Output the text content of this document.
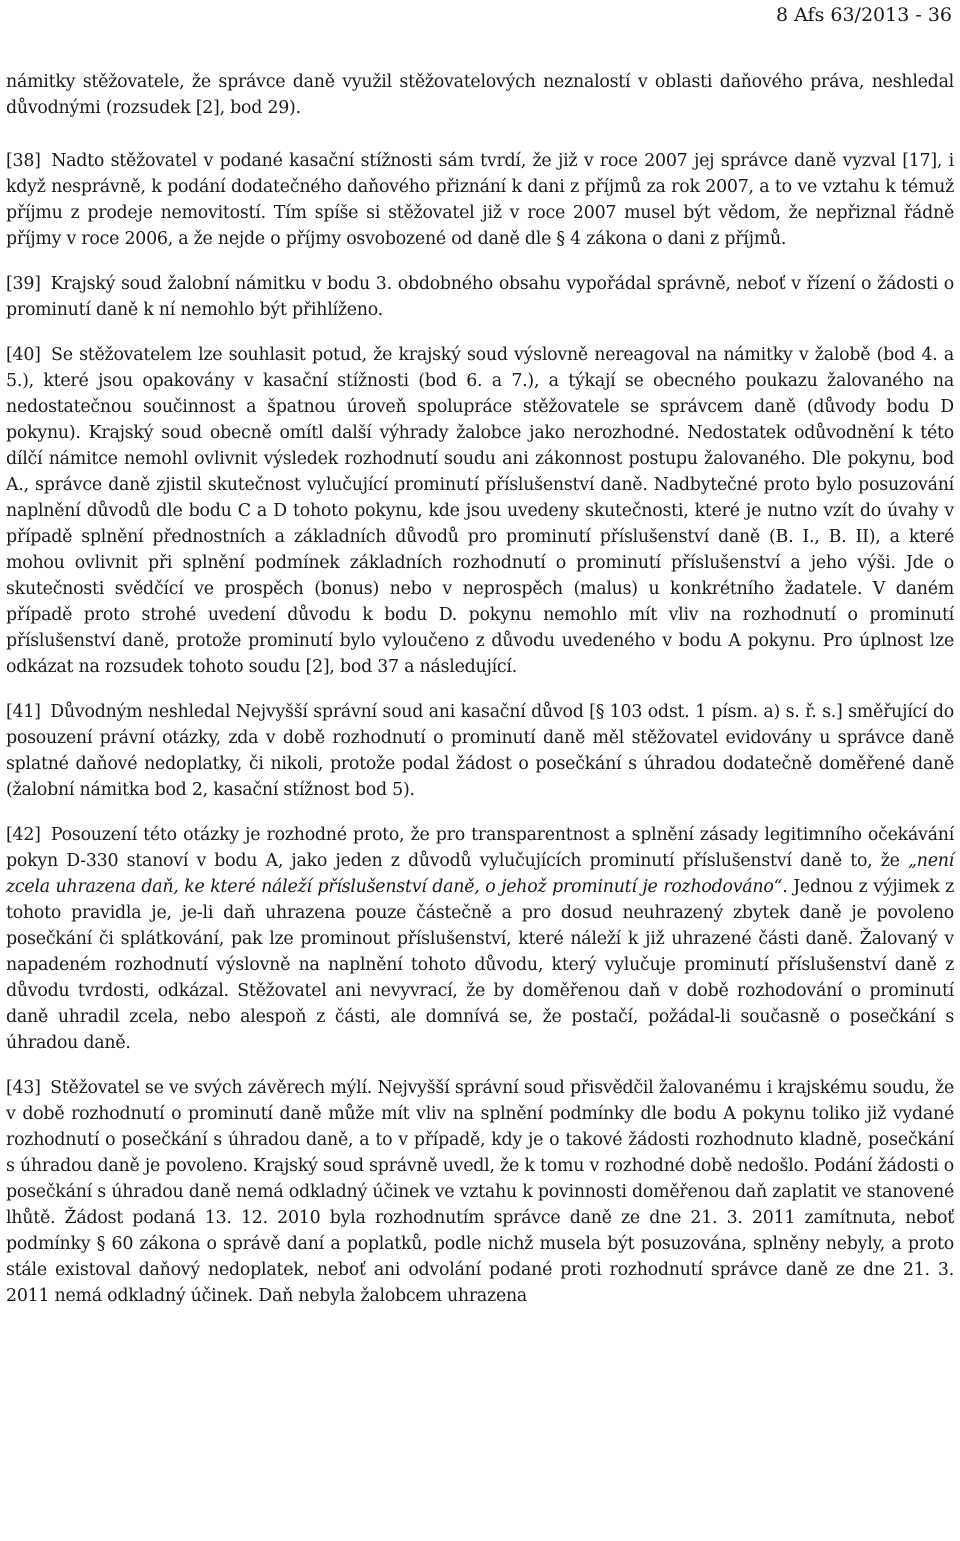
8 Afs 63/2013 - 36

námitky stěžovatele, že správce daně využil stěžovatelových neznalostí v oblasti daňového práva, neshledal důvodnými (rozsudek [2], bod 29).

[38] Nadto stěžovatel v podané kasační stížnosti sám tvrdí, že již v roce 2007 jej správce daně vyzval [17], i když nesprávně, k podání dodatečného daňového přiznání k dani z příjmů za rok 2007, a to ve vztahu k témuž příjmu z prodeje nemovitostí. Tím spíše si stěžovatel již v roce 2007 musel být vědom, že nepřiznal řádně příjmy v roce 2006, a že nejde o příjmy osvobozené od daně dle § 4 zákona o dani z příjmů.

[39] Krajský soud žalobní námitku v bodu 3. obdobného obsahu vypořádal správně, neboť v řízení o žádosti o prominutí daně k ní nemohlo být přihlíženo.

[40] Se stěžovatelem lze souhlasit potud, že krajský soud výslovně nereagoval na námitky v žalobě (bod 4. a 5.), které jsou opakovány v kasační stížnosti (bod 6. a 7.), a týkají se obecného poukazu žalovaného na nedostatečnou součinnost a špatnou úroveň spolupráce stěžovatele se správcem daně (důvody bodu D pokynu). Krajský soud obecně omítl další výhrady žalobce jako nerozhodné. Nedostatek odůvodnění k této dílčí námitce nemohl ovlivnit výsledek rozhodnutí soudu ani zákonnost postupu žalovaného. Dle pokynu, bod A., správce daně zjistil skutečnost vylučující prominutí příslušenství daně. Nadbytečné proto bylo posuzování naplnění důvodů dle bodu C a D tohoto pokynu, kde jsou uvedeny skutečnosti, které je nutno vzít do úvahy v případě splnění přednostních a základních důvodů pro prominutí příslušenství daně (B. I., B. II), a které mohou ovlivnit při splnění podmínek základních rozhodnutí o prominutí příslušenství a jeho výši. Jde o skutečnosti svědčící ve prospěch (bonus) nebo v neprospěch (malus) u konkrétního žadatele. V daném případě proto strohé uvedení důvodu k bodu D. pokynu nemohlo mít vliv na rozhodnutí o prominutí příslušenství daně, protože prominutí bylo vyloučeno z důvodu uvedeného v bodu A pokynu. Pro úplnost lze odkázat na rozsudek tohoto soudu [2], bod 37 a následující.

[41] Důvodným neshledal Nejvyšší správní soud ani kasační důvod [§ 103 odst. 1 písm. a) s. ř. s.] směřující do posouzení právní otázky, zda v době rozhodnutí o prominutí daně měl stěžovatel evidovány u správce daně splatné daňové nedoplatky, či nikoli, protože podal žádost o posečkání s úhradou dodatečně doměřené daně (žalobní námitka bod 2, kasační stížnost bod 5).

[42] Posouzení této otázky je rozhodné proto, že pro transparentnost a splnění zásady legitimního očekávání pokyn D-330 stanoví v bodu A, jako jeden z důvodů vylučujících prominutí příslušenství daně to, že „není zcela uhrazena daň, ke které náleží příslušenství daně, o jehož prominutí je rozhodováno“. Jednou z výjimek z tohoto pravidla je, je-li daň uhrazena pouze částečně a pro dosud neuhrazený zbytek daně je povoleno posečkání či splátkování, pak lze prominout příslušenství, které náleží k již uhrazené části daně. Žalovaný v napadeném rozhodnutí výslovně na naplnění tohoto důvodu, který vylučuje prominutí příslušenství daně z důvodu tvrdosti, odkázal. Stěžovatel ani nevyvrací, že by doměřenou daň v době rozhodování o prominutí daně uhradil zcela, nebo alespoň z části, ale domnívá se, že postačí, požádal-li současně o posečkání s úhradou daně.

[43] Stěžovatel se ve svých závěrech mýlí. Nejvyšší správní soud přisvědčil žalovanému i krajskému soudu, že v době rozhodnutí o prominutí daně může mít vliv na splnění podmínky dle bodu A pokynu toliko již vydané rozhodnutí o posečkání s úhradou daně, a to v případě, kdy je o takové žádosti rozhodnuto kladně, posečkání s úhradou daně je povoleno. Krajský soud správně uvedl, že k tomu v rozhodné době nedošlo. Podání žádosti o posečkání s úhradou daně nemá odkladný účinek ve vztahu k povinnosti doměřenou daň zaplatit ve stanovené lhůtě. Žádost podaná 13. 12. 2010 byla rozhodnutím správce daně ze dne 21. 3. 2011 zamítnuta, neboť podmínky § 60 zákona o správě daní a poplatků, podle nichž musela být posuzována, splněny nebyly, a proto stále existoval daňový nedoplatek, neboť ani odvolání podané proti rozhodnutí správce daně ze dne 21. 3. 2011 nemá odkladný účinek. Daň nebyla žalobcem uhrazena
